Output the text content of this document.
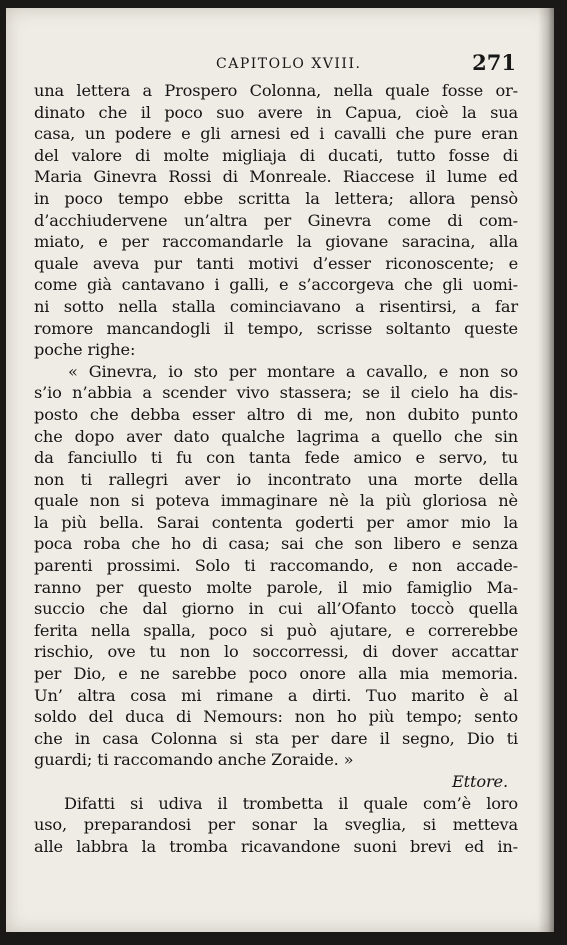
CAPITOLO XVIII.	271
una lettera a Prospero Colonna, nella quale fosse or-
dinato che il poco suo avere in Capua, cioè la sua
casa, un podere e gli arnesi ed i cavalli che pure eran
del valore di molte migliaja di ducati, tutto fosse di
Maria Ginevra Rossi di Monreale. Riaccese il lume ed
in poco tempo ebbe scritta la lettera; allora pensò
d’acchiudervene un’altra per Ginevra come di com-
miato, e per raccomandarle la giovane saracina, alla
quale aveva pur tanti motivi d’esser riconoscente; e
come già cantavano i galli, e s’accorgeva che gli uomi-
ni sotto nella stalla cominciavano a risentirsi, a far
romore mancandogli il tempo, scrisse soltanto queste
poche righe:
« Ginevra, io sto per montare a cavallo, e non so
s’io n’abbia a scender vivo stassera; se il cielo ha dis-
posto che debba esser altro di me, non dubito punto
che dopo aver dato qualche lagrima a quello che sin
da fanciullo ti fu con tanta fede amico e servo, tu
non ti rallegri aver io incontrato una morte della
quale non si poteva immaginare nè la più gloriosa nè
la più bella. Sarai contenta goderti per amor mio la
poca roba che ho di casa; sai che son libero e senza
parenti prossimi. Solo ti raccomando, e non accade-
ranno per questo molte parole, il mio famiglio Ma-
succio che dal giorno in cui all’Ofanto toccò quella
ferita nella spalla, poco si può ajutare, e correrebbe
rischio, ove tu non lo soccorressi, di dover accattar
per Dio, e ne sarebbe poco onore alla mia memoria.
Un’ altra cosa mi rimane a dirti. Tuo marito è al
soldo del duca di Nemours: non ho più tempo; sento
che in casa Colonna si sta per dare il segno, Dio ti
guardi; ti raccomando anche Zoraide. »
Ettore.
Difatti si udiva il trombetta il quale com’è loro
uso, preparandosi per sonar la sveglia, si metteva
alle labbra la tromba ricavandone suoni brevi ed in-
